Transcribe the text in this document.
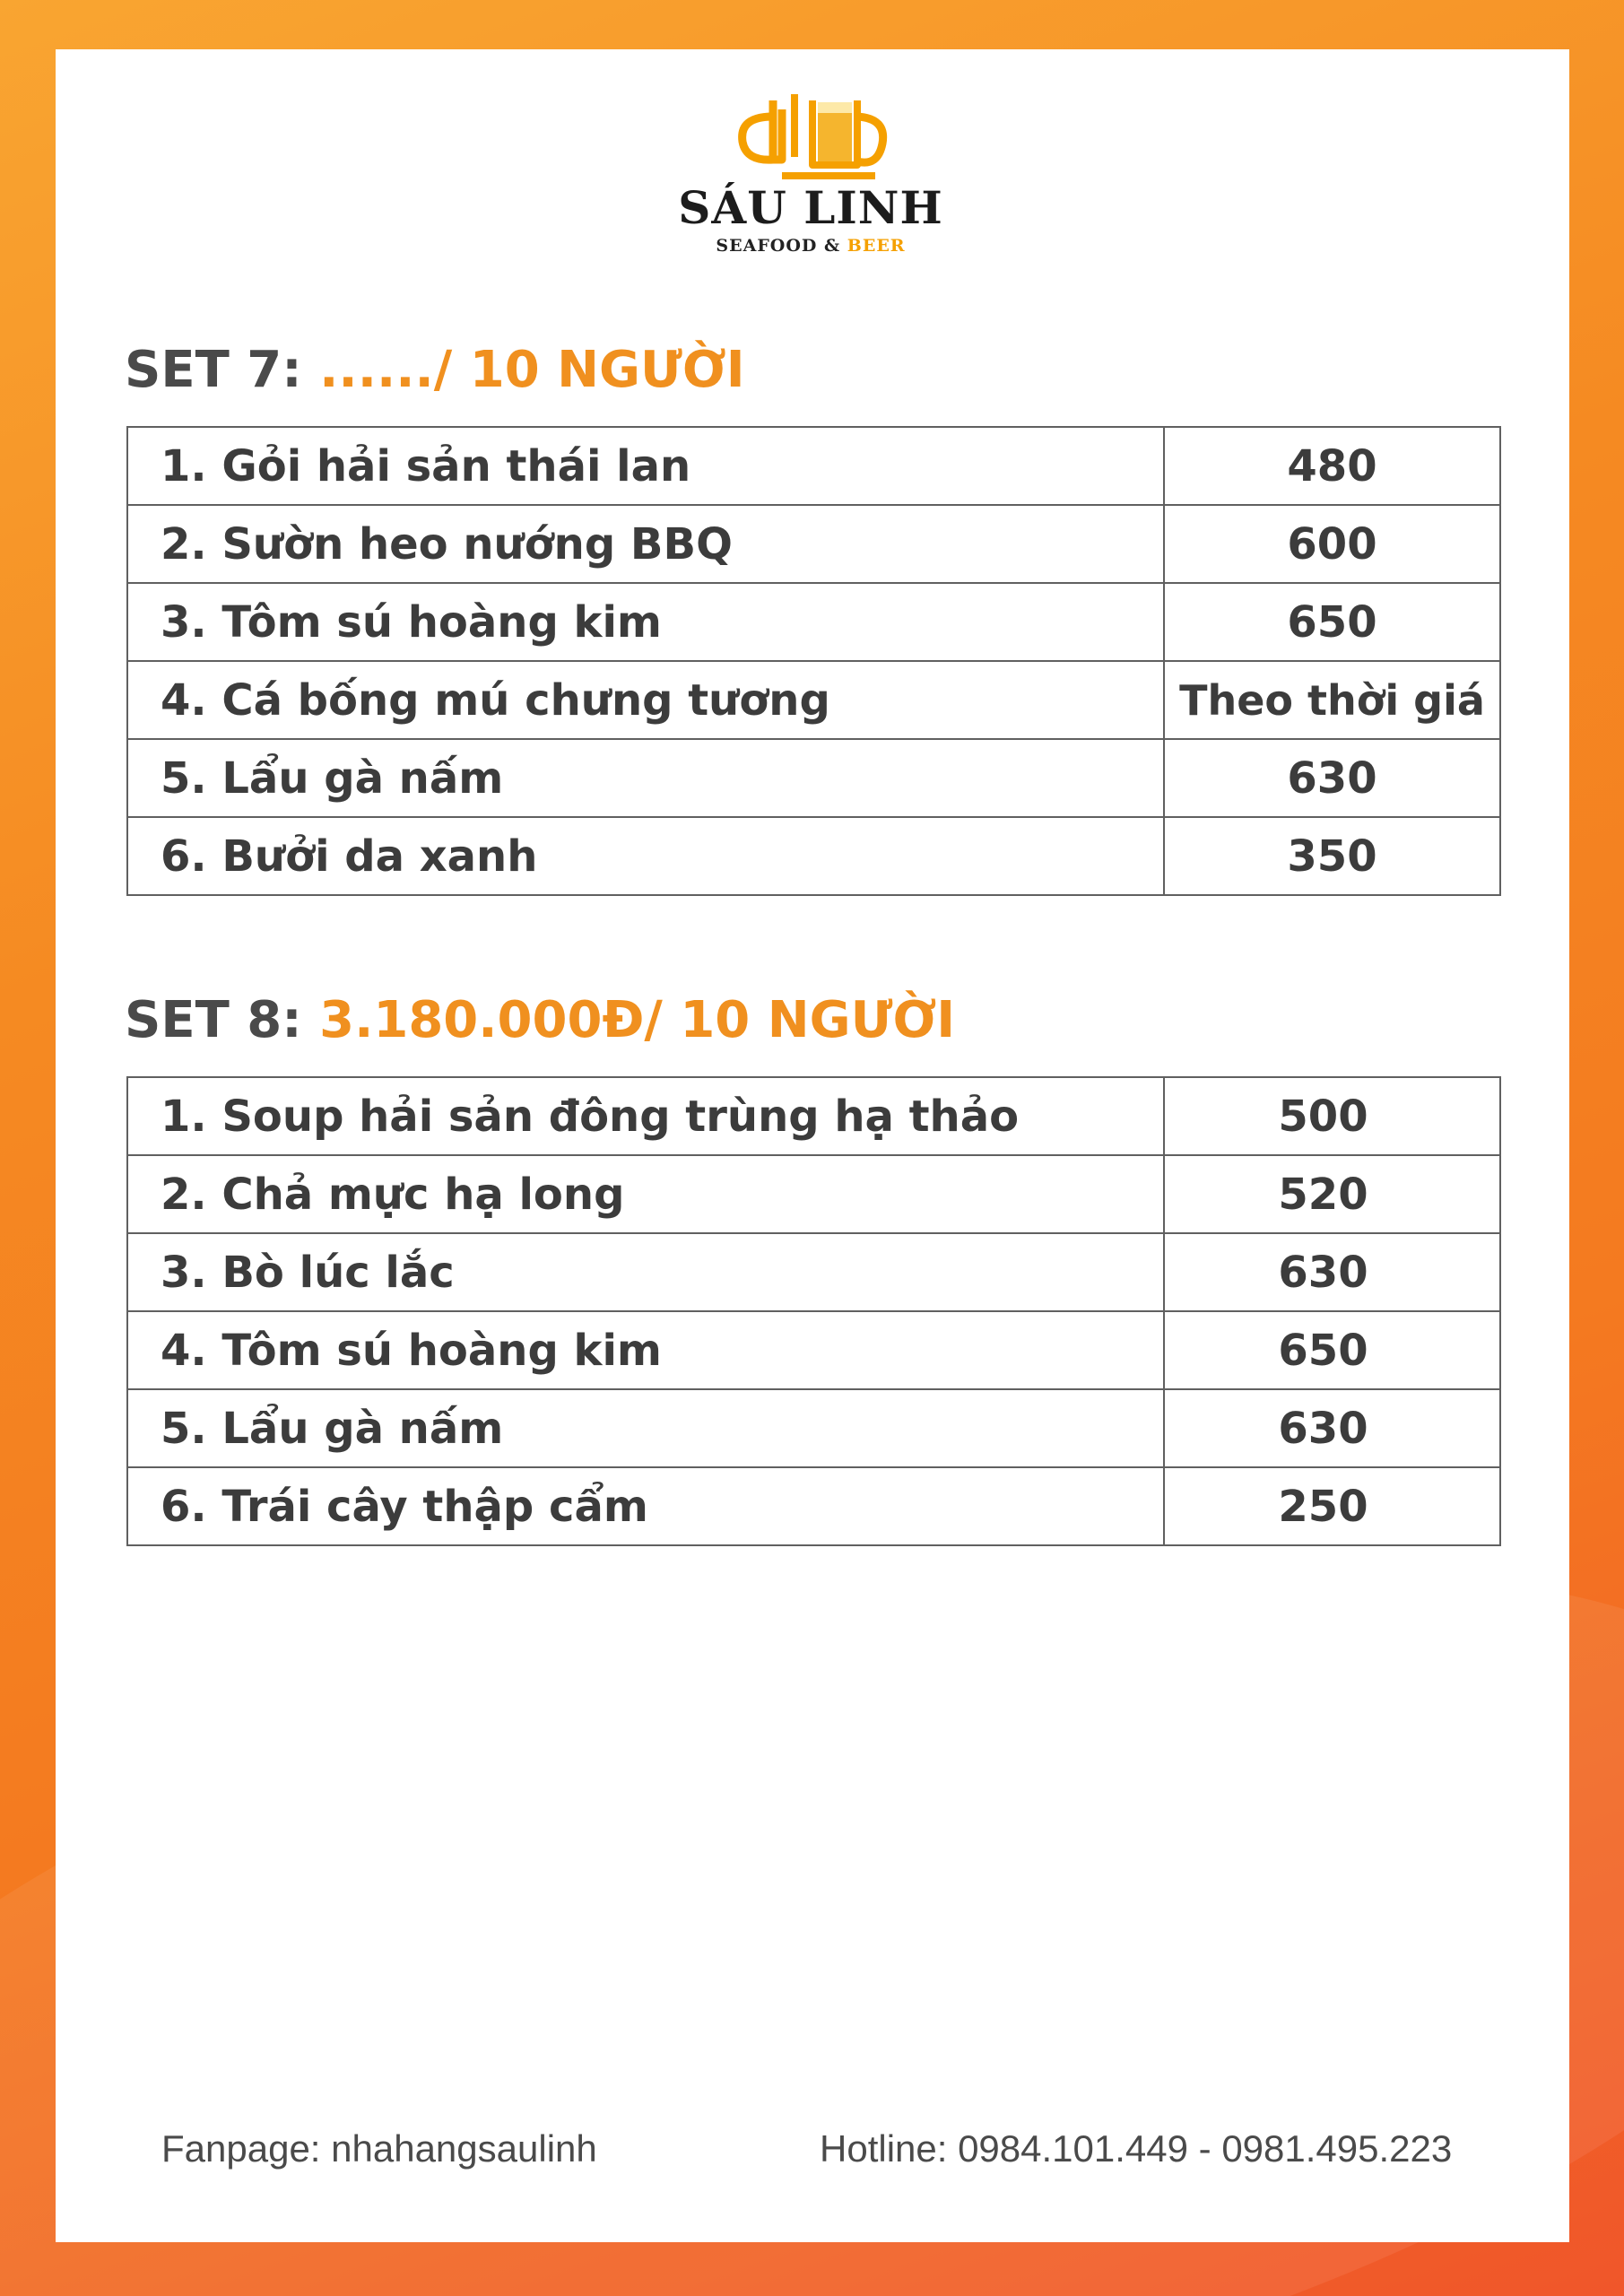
SÁU LINH
SEAFOOD & BEER
SET 7: ....../ 10 NGƯỜI
1. Gỏi hải sản thái lan	480
2. Sườn heo nướng BBQ	600
3. Tôm sú hoàng kim	650
4. Cá bống mú chưng tương	Theo thời giá
5. Lẩu gà nấm	630
6. Bưởi da xanh	350
SET 8: 3.180.000Đ/ 10 NGƯỜI
1. Soup hải sản đông trùng hạ thảo	500
2. Chả mực hạ long	520
3. Bò lúc lắc	630
4. Tôm sú hoàng kim	650
5. Lẩu gà nấm	630
6. Trái cây thập cẩm	250
Fanpage: nhahangsaulinh	Hotline: 0984.101.449 - 0981.495.223
